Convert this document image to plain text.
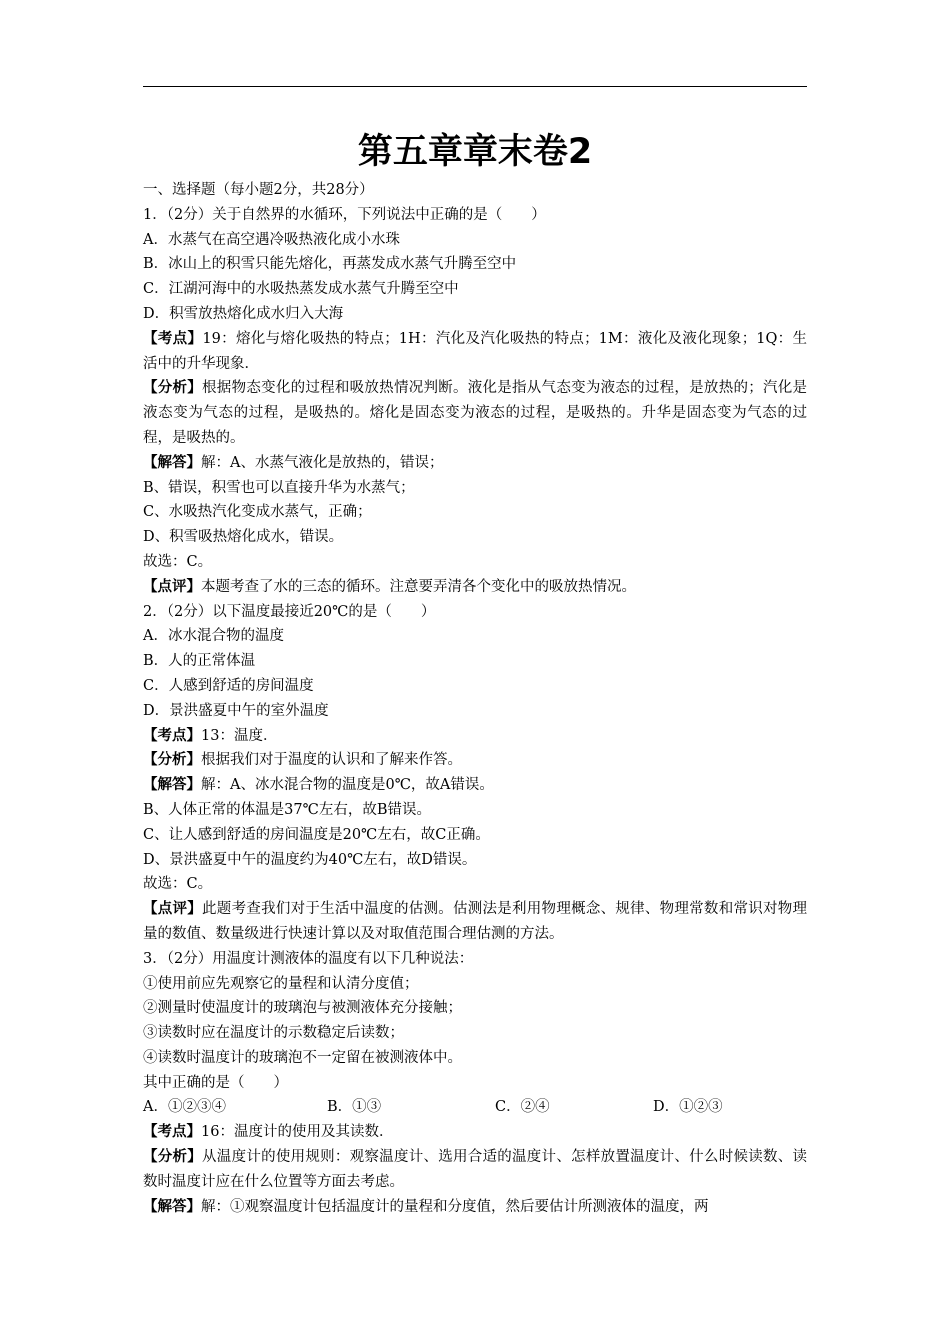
第五章章末卷2
一、选择题（每小题2分，共28分）
1．（2分）关于自然界的水循环，下列说法中正确的是（　　）
A．水蒸气在高空遇冷吸热液化成小水珠
B．冰山上的积雪只能先熔化，再蒸发成水蒸气升腾至空中
C．江湖河海中的水吸热蒸发成水蒸气升腾至空中
D．积雪放热熔化成水归入大海
【考点】19：熔化与熔化吸热的特点；1H：汽化及汽化吸热的特点；1M：液化及液化现象；1Q：生活中的升华现象．
【分析】根据物态变化的过程和吸放热情况判断。液化是指从气态变为液态的过程，是放热的；汽化是液态变为气态的过程，是吸热的。熔化是固态变为液态的过程，是吸热的。升华是固态变为气态的过程，是吸热的。
【解答】解：A、水蒸气液化是放热的，错误；
B、错误，积雪也可以直接升华为水蒸气；
C、水吸热汽化变成水蒸气，正确；
D、积雪吸热熔化成水，错误。
故选：C。
【点评】本题考查了水的三态的循环。注意要弄清各个变化中的吸放热情况。
2．（2分）以下温度最接近20℃的是（　　）
A．冰水混合物的温度
B．人的正常体温
C．人感到舒适的房间温度
D．景洪盛夏中午的室外温度
【考点】13：温度．
【分析】根据我们对于温度的认识和了解来作答。
【解答】解：A、冰水混合物的温度是0℃，故A错误。
B、人体正常的体温是37℃左右，故B错误。
C、让人感到舒适的房间温度是20℃左右，故C正确。
D、景洪盛夏中午的温度约为40℃左右，故D错误。
故选：C。
【点评】此题考查我们对于生活中温度的估测。估测法是利用物理概念、规律、物理常数和常识对物理量的数值、数量级进行快速计算以及对取值范围合理估测的方法。
3．（2分）用温度计测液体的温度有以下几种说法：
①使用前应先观察它的量程和认清分度值；
②测量时使温度计的玻璃泡与被测液体充分接触；
③读数时应在温度计的示数稳定后读数；
④读数时温度计的玻璃泡不一定留在被测液体中。
其中正确的是（　　）
A．①②③④	B．①③	C．②④	D．①②③
【考点】16：温度计的使用及其读数．
【分析】从温度计的使用规则：观察温度计、选用合适的温度计、怎样放置温度计、什么时候读数、读数时温度计应在什么位置等方面去考虑。
【解答】解：①观察温度计包括温度计的量程和分度值，然后要估计所测液体的温度，两
